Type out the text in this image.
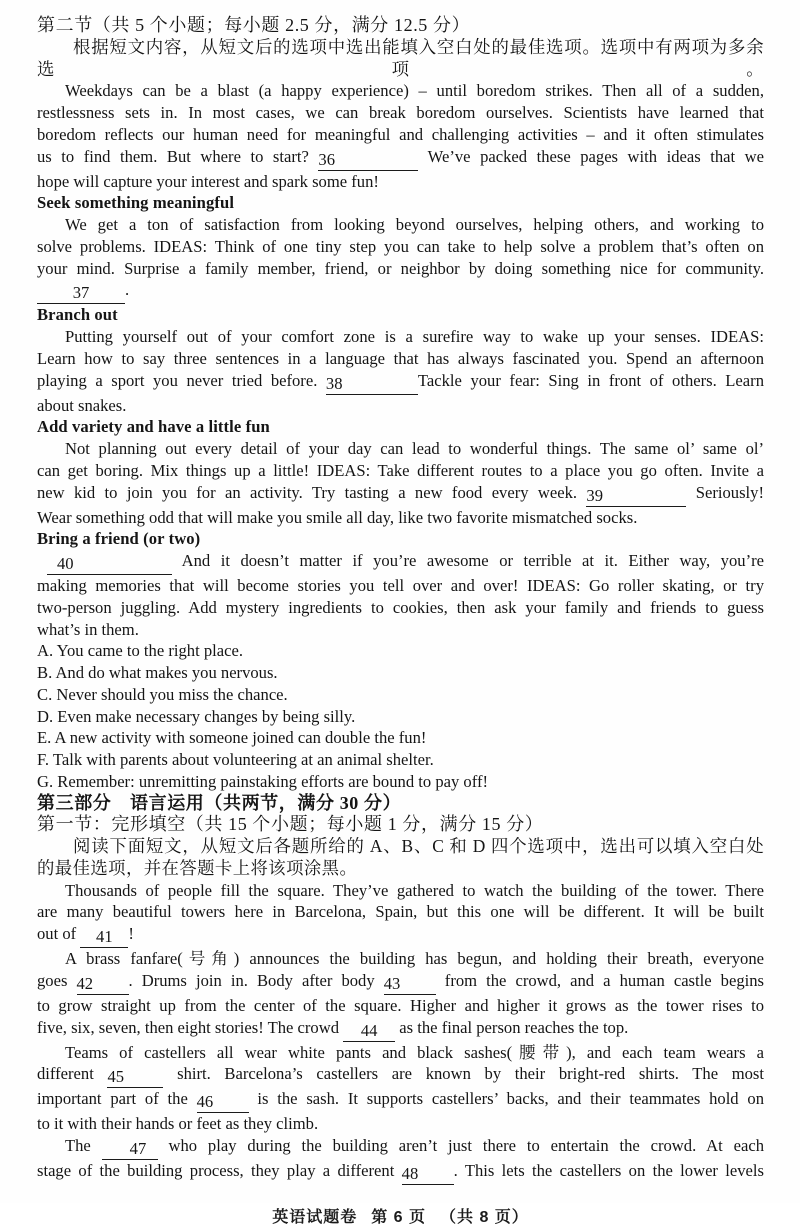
第二节（共 5 个小题；每小题 2.5 分，满分 12.5 分）
根据短文内容，从短文后的选项中选出能填入空白处的最佳选项。选项中有两项为多余选项。
Weekdays can be a blast (a happy experience) – until boredom strikes. Then all of a sudden,
restlessness sets in. In most cases, we can break boredom ourselves. Scientists have learned that
boredom reflects our human need for meaningful and challenging activities – and it often stimulates
us to find them. But where to start? 36	We’ve packed these pages with ideas that we
hope will capture your interest and spark some fun!
Seek something meaningful
We get a ton of satisfaction from looking beyond ourselves, helping others, and working to
solve problems. IDEAS: Think of one tiny step you can take to help solve a problem that’s often on
your mind. Surprise a family member, friend, or neighbor by doing something nice for community.
37 .
Branch out
Putting yourself out of your comfort zone is a surefire way to wake up your senses. IDEAS:
Learn how to say three sentences in a language that has always fascinated you. Spend an afternoon
playing a sport you never tried before. 38	Tackle your fear: Sing in front of others. Learn
about snakes.
Add variety and have a little fun
Not planning out every detail of your day can lead to wonderful things. The same ol’ same ol’
can get boring. Mix things up a little! IDEAS: Take different routes to a place you go often. Invite a
new kid to join you for an activity. Try tasting a new food every week. 39	Seriously!
Wear something odd that will make you smile all day, like two favorite mismatched socks.
Bring a friend (or two)
40	And it doesn’t matter if you’re awesome or terrible at it. Either way, you’re
making memories that will become stories you tell over and over! IDEAS: Go roller skating, or try
two-person juggling. Add mystery ingredients to cookies, then ask your family and friends to guess
what’s in them.
A. You came to the right place.
B. And do what makes you nervous.
C. Never should you miss the chance.
D. Even make necessary changes by being silly.
E. A new activity with someone joined can double the fun!
F. Talk with parents about volunteering at an animal shelter.
G. Remember: unremitting painstaking efforts are bound to pay off!
第三部分　语言运用（共两节，满分 30 分）
第一节：完形填空（共 15 个小题；每小题 1 分，满分 15 分）
阅读下面短文，从短文后各题所给的 A、B、C 和 D 四个选项中，选出可以填入空白处
的最佳选项，并在答题卡上将该项涂黑。
Thousands of people fill the square. They’ve gathered to watch the building of the tower. There
are many beautiful towers here in Barcelona, Spain, but this one will be different. It will be built
out of 41 !
A brass fanfare(号角) announces the building has begun, and holding their breath, everyone
goes 42 . Drums join in. Body after body 43 from the crowd, and a human castle begins
to grow straight up from the center of the square. Higher and higher it grows as the tower rises to
five, six, seven, then eight stories! The crowd 44 as the final person reaches the top.
Teams of castellers all wear white pants and black sashes(腰带), and each team wears a
different 45 shirt. Barcelona’s castellers are known by their bright-red shirts. The most
important part of the 46 is the sash. It supports castellers’ backs, and their teammates hold on
to it with their hands or feet as they climb.
The 47 who play during the building aren’t just there to entertain the crowd. At each
stage of the building process, they play a different 48 . This lets the castellers on the lower levels
英语试题卷 第 6 页 （共 8 页）
